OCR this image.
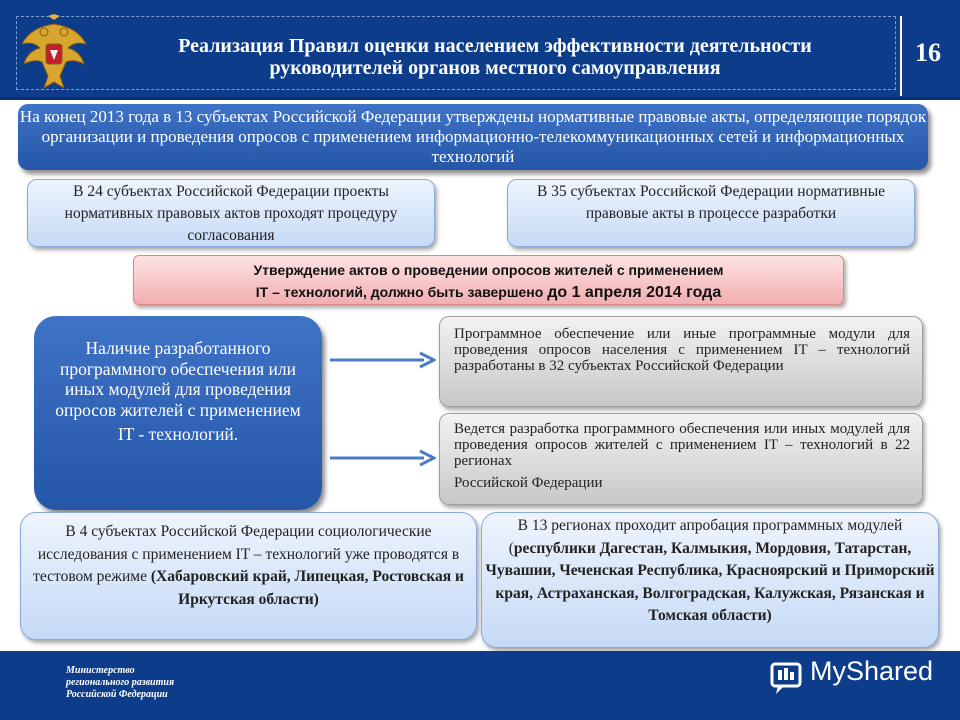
Реализация Правил оценки населением эффективности деятельности
руководителей органов местного самоуправления
16
На конец 2013 года в 13 субъектах Российской Федерации утверждены нормативные правовые акты, определяющие порядок организации и проведения опросов с применением информационно-телекоммуникационных сетей и информационных технологий
В 24 субъектах Российской Федерации проекты нормативных правовых актов проходят процедуру согласования
В 35 субъектах Российской Федерации нормативные правовые акты в процессе разработки
Утверждение актов о проведении опросов жителей с применением
IT – технологий, должно быть завершено до 1 апреля 2014 года
Наличие разработанного программного обеспечения или иных модулей для проведения опросов жителей с применением
IT - технологий.
Программное обеспечение или иные программные модули для проведения опросов населения с применением IT – технологий разработаны в 32 субъектах Российской Федерации
Ведется разработка программного обеспечения или иных модулей для проведения опросов жителей с применением IT – технологий в 22 регионах
Российской Федерации
В 4 субъектах Российской Федерации социологические исследования с применением IT – технологий уже проводятся в тестовом режиме (Хабаровский край, Липецкая, Ростовская и Иркутская области)
В 13 регионах проходит апробация программных модулей (республики Дагестан, Калмыкия, Мордовия, Татарстан, Чувашии, Чеченская Республика, Красноярский и Приморский края, Астраханская, Волгоградская, Калужская, Рязанская и Томская области)
Министерство
регионального развития
Российской Федерации
MyShared
